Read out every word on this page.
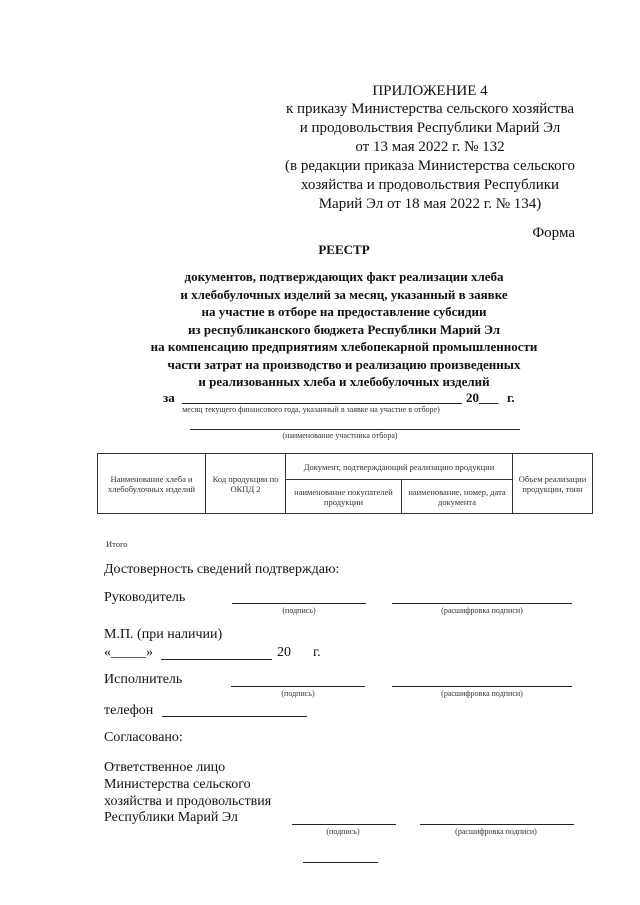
ПРИЛОЖЕНИЕ 4
к приказу Министерства сельского хозяйства
и продовольствия Республики Марий Эл
от 13 мая 2022 г. № 132
(в редакции приказа Министерства сельского
хозяйства и продовольствия Республики
Марий Эл от 18 мая 2022 г. № 134)
Форма
РЕЕСТР
документов, подтверждающих факт реализации хлеба
и хлебобулочных изделий за месяц, указанный в заявке
на участие в отборе на предоставление субсидии
из республиканского бюджета Республики Марий Эл
на компенсацию предприятиям хлебопекарной промышленности
части затрат на производство и реализацию произведенных
и реализованных хлеба и хлебобулочных изделий
за	20___ г.
месяц текущего финансового года, указанный в заявке на участие в отборе)
(наименование участника отбора)
Наименование хлеба и хлебобулочных изделий	Код продукции по ОКПД 2	Документ, подтверждающий реализацию продукции		Объем реализации продукции, тонн
		наименование покупателей продукции	наименование, номер, дата документа	
Итого
Достоверность сведений подтверждаю:
Руководитель
(подпись)	(расшифровка подписи)
М.П. (при наличии)
«_____»	20 г.
Исполнитель
(подпись)	(расшифровка подписи)
телефон
Согласовано:
Ответственное лицо
Министерства сельского
хозяйства и продовольствия
Республики Марий Эл
(подпись)	(расшифровка подписи)
